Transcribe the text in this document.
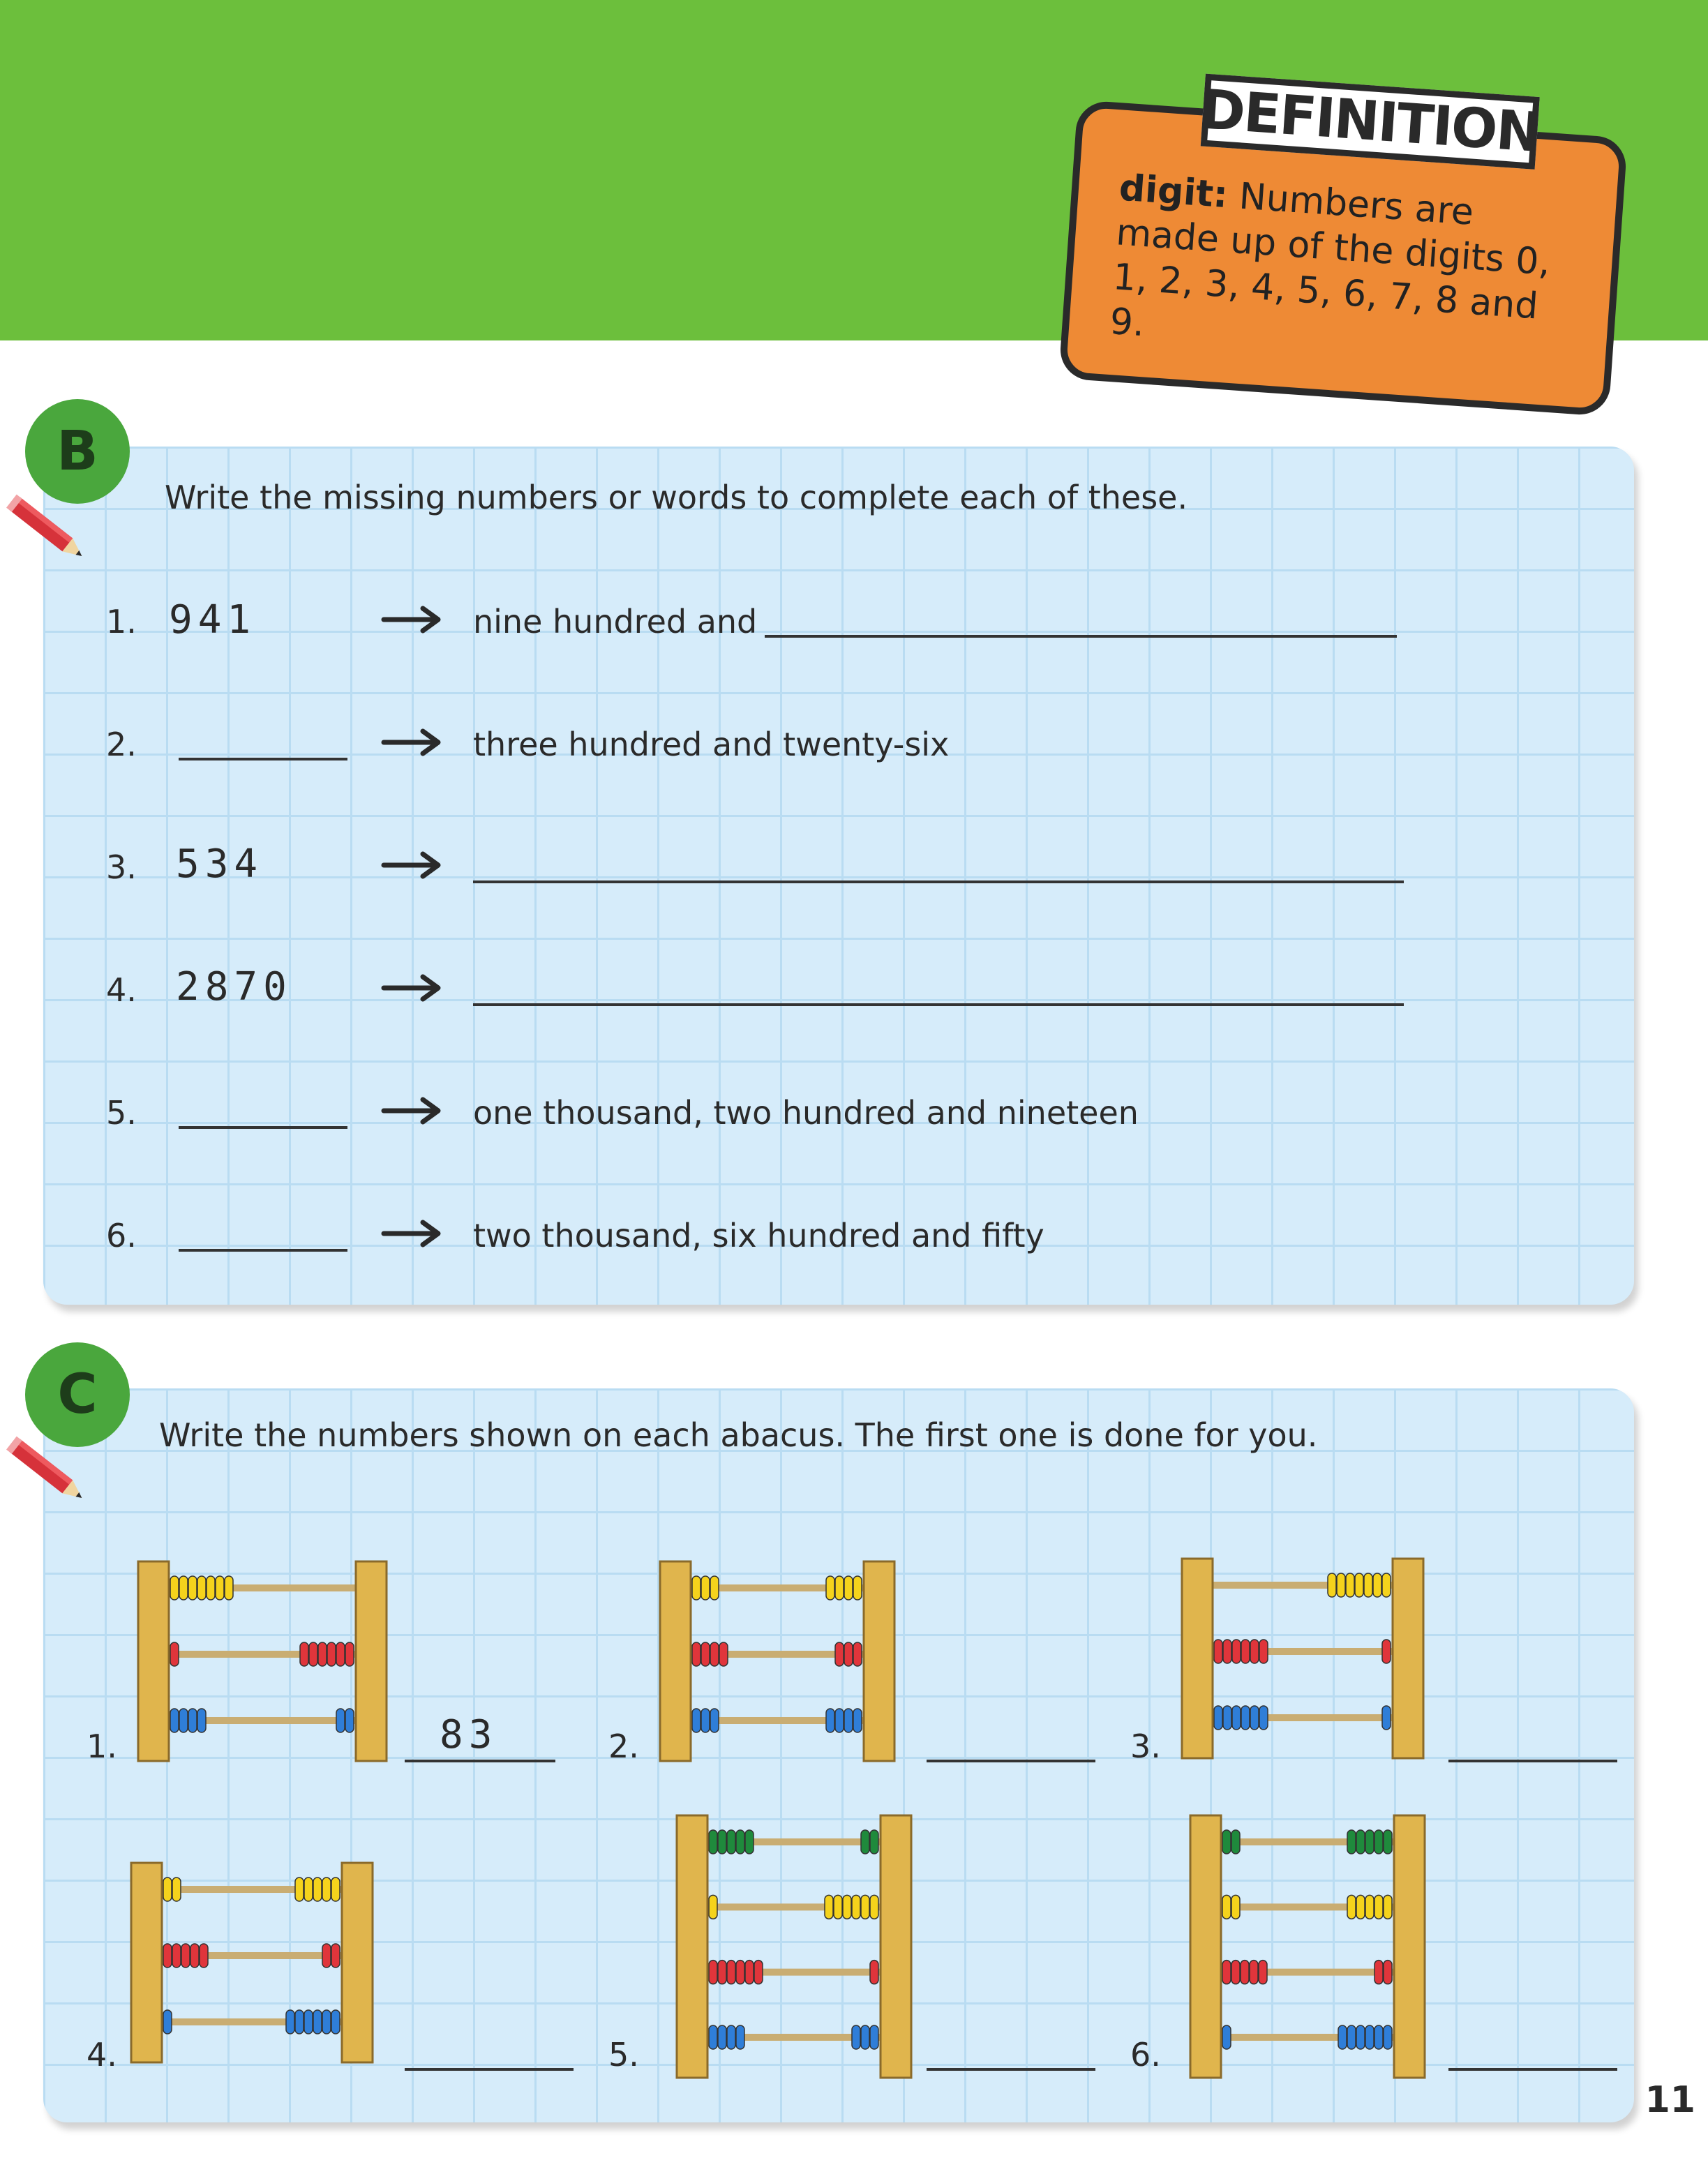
DEFINITION
digit: Numbers are made up of the digits 0, 1, 2, 3, 4, 5, 6, 7, 8 and 9.
B
Write the missing numbers or words to complete each of these.
1. 941	nine hundred and
2.	three hundred and twenty-six
3. 534
4. 2870
5.	one thousand, two hundred and nineteen
6.	two thousand, six hundred and fifty
C
Write the numbers shown on each abacus. The first one is done for you.
1.	83	2.	3.
4.	5.	6.
11
